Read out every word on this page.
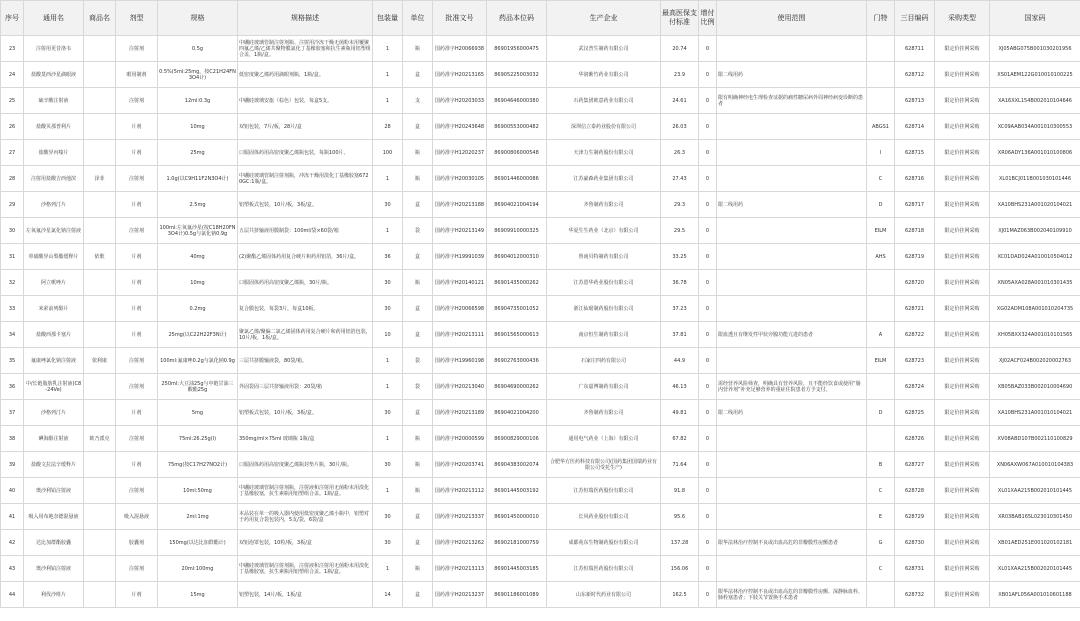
序号	通用名	商品名	剂型	规格	规格描述	包装量	单位	批准文号	药品本位码	生产企业	最高医保支付标准	增付比例	使用范围	门特	三目编码	采购类型	国家码
23	注射用更昔洛韦		注射剂	0.5g	中硼硅玻璃管制注射剂瓶、注射用冷冻干燥无菌粉末用覆聚四氟乙烯/乙烯共聚物膜氯化丁基橡胶塞和抗生素瓶用铝塑组合盖，1瓶/盒。	1	瓶	国药准字H20066938	86901956000475	武汉普生制药有限公司	20.74	0			628711	限定价挂网采购	XJ05ABG075B001030201956
24	盐酸莫西沙星滴眼液		眼用制剂	0.5%(5ml:25mg，按C21H24FN3O4计)	低密度聚乙烯药用滴眼剂瓶，1瓶/盒。	1	盒	国药准字H20213165	86905225003032	华润紫竹药业有限公司	23.9	0	限二线用药		628712	限定价挂网采购	XS01AEM122G010010100225
25	硫辛酸注射液		注射剂	12ml:0.3g	中硼硅玻璃安瓿（棕色）包装，每盒5支。	1	支	国药准字H20203033	86904646000380	石药集团欧意药业有限公司	24.61	0	限有明确神经电生理检查证据的痛性糖尿病外周神经病变诊断的患者		628713	限定价挂网采购	XA16XXL154B002010104646
26	盐酸贝那普利片		片剂	10mg	双铝包装，7片/板，28片/盒	28	盒	国药准字H20243648	86900553000482	深圳信立泰药业股份有限公司	26.03	0		ABGS1	628714	限定价挂网采购	XC09AAB034A001010300553
27	盐酸异丙嗪片		片剂	25mg	口服固体药用高密度聚乙烯瓶包装，每瓶100片。	100	瓶	国药准字H12020237	86900806000548	天津力生制药股份有限公司	26.3	0		I	628715	限定价挂网采购	XR06ADY136A001010100806
28	注射用盐酸吉西他滨	泽菲	注射剂	1.0g(以C9H11F2N3O4计)	中硼硅玻璃管制注射剂瓶，冲冻干燥用溴化丁基橡胶塞6720GC:1瓶/盒。	1	瓶	国药准字H20030105	86901446000086	江苏豪森药业集团有限公司	27.43	0		C	628716	限定价挂网采购	XL01BCJ011B001030101446
29	沙格列汀片		片剂	2.5mg	铝塑板式包装，10片/板，3板/盒。	30	盒	国药准字H20213188	86904021004194	齐鲁制药有限公司	29.3	0	限二线用药	D	628717	限定价挂网采购	XA10BHS231A001020104021
30	左氧氟沙星氯化钠注射液		注射剂	100ml:左氧氟沙星(按C18H20FN3O4计)0.5g与氯化钠0.9g	五层共挤输液用膜制袋：100ml/袋×60袋/箱	1	袋	国药准字H20213149	86909910000325	华夏生生药业（北京）有限公司	29.5	0		EILM	628718	限定价挂网采购	XJ01MAZ063B002040109910
31	单硝酸异山梨酯缓释片	依歌	片剂	40mg	(2)聚酯乙烯固体药用复合硬片和药用铝箔，36片/盒。	36	盒	国药准字H19991039	86904012000310	鲁南贝特制药有限公司	33.25	0		AHS	628719	限定价挂网采购	XC01DAD024A010010504012
32	阿立哌唑片		片剂	10mg	口服固体药用高密度聚乙烯瓶，30片/瓶。	30	瓶	国药准字H20140121	86901435000262	江苏恩华药业股份有限公司	36.78	0			628720	限定价挂网采购	XN05AXA028A001010301435
33	米索前列醇片		片剂	0.2mg	复合膜包装，每袋3片，每盒10板。	30	盒	国药准字H20066598	86904735001052	浙江仙琚制药股份有限公司	37.23	0			628721	限定价挂网采购	XG02ADM108A001010204735
34	盐酸西那卡塞片		片剂	25mg(以C22H22F3N计)	聚氯乙烯/聚偏二氯乙烯固体药用复合硬片和药用铝箔包装，10片/板，1板/盒。	10	盒	国药准字H20213111	86901565000613	南京恒生制药有限公司	37.81	0	限血透且有继发性甲状旁腺功能亢进的患者	A	628722	限定价挂网采购	XH05BXX324A001010101565
35	氟康唑氯化钠注射液	依利康	注射剂	100ml:氟康唑0.2g与氯化钠0.9g	三层共挤膜输液袋，80袋/箱。	1	袋	国药准字H19960198	86902763000436	石家庄四药有限公司	44.9	0		EILM	628723	限定价挂网采购	XJ02ACF024B002020002763
36	中/长链脂肪乳注射液(C8-24Ve)		注射剂	250ml:大豆油25g与中链甘油三酸酯25g	外固袋固三层共挤输液用袋：20袋/箱	1	袋	国药准字H20213040	86904690000262	广东嘉博制药有限公司	46.13	0	需经营养风险筛查，明确具有营养风险，且不能经饮食或使用“肠内营养剂”补充足够营养的重症住院患者方予支付。		628724	限定价挂网采购	XB05BAZ033B002010004690
37	沙格列汀片		片剂	5mg	铝塑板式包装，10片/板，3板/盒。	30	盒	国药准字H20213189	86904021004200	齐鲁制药有限公司	49.81	0	限二线用药	D	628725	限定价挂网采购	XA10BHS231A001010104021
38	碘海醇注射液	欧乃派克	注射剂	75ml:26.25g(I)	350mg/ml×75ml 玻璃瓶 1瓶/盒	1	瓶	国药准字H20000599	86900829000106	通用电气药业（上海）有限公司	67.82	0			628726	限定价挂网采购	XV08ABD107B002110100829
39	盐酸文拉法辛缓释片		片剂	75mg(按C17H27NO2计)	口服固体药用高密度聚乙烯瓶封垫片瓶，30片/瓶。	30	瓶	国药准字H20203741	86904383002074	合肥华方医药科技有限公司(国药集团国瑞药业有限公司受托生产)	71.64	0		B	628727	限定价挂网采购	XN06AXW067A010010104383
40	奥沙利铂注射液		注射剂	10ml:50mg	中硼硅玻璃管制注射剂瓶，注射液和注射用无菌粉末用溴化丁基橡胶塞，抗生素瓶用铝塑组合盖。1瓶/盒。	1	瓶	国药准字H20213112	86901445003192	江苏恒瑞医药股份有限公司	91.8	0		C	628728	限定价挂网采购	XL01XAA215B002010101445
41	吸入用布地奈德混悬液		吸入混悬液	2ml:1mg	本品装在单一的吸入器内使用低密度聚乙烯小瓶中，铝塑对于药用复合袋包装内，5支/袋，6袋/盒	30	盒	国药准字H20213337	86901450000010	长风药业股份有限公司	95.6	0		E	628729	限定价挂网采购	XR03BAB165L023010301450
42	达比加群酯胶囊		胶囊剂	150mg(以达比加群酯计)	双铝泡罩包装，10粒/板，3板/盒	30	盒	国药准字H20213262	86902181000759	成都苑东生物制药股份有限公司	137.28	0	限华法林治疗控制不良或出血高危的非瓣膜性房颤患者	G	628730	限定价挂网采购	XB01AED251E001020102181
43	奥沙利铂注射液		注射剂	20ml:100mg	中硼硅玻璃管制注射剂瓶，注射液和注射用无菌粉末用溴化丁基橡胶塞，抗生素瓶用铝塑组合盖。1瓶/盒。	1	瓶	国药准字H20213113	86901445003185	江苏恒瑞医药股份有限公司	156.06	0		C	628731	限定价挂网采购	XL01XAA215B002020101445
44	利伐沙班片		片剂	15mg	铝塑包装，14片/板，1板/盒	14	盒	国药准字H20213237	86901186001089	山东新时代药业有限公司	162.5	0	限华法林治疗控制不良或出血高危的非瓣膜性房颤、深静脉血栓、肺栓塞患者；下肢关节置换手术患者		628732	限定价挂网采购	XB01AFL056A001010601188
